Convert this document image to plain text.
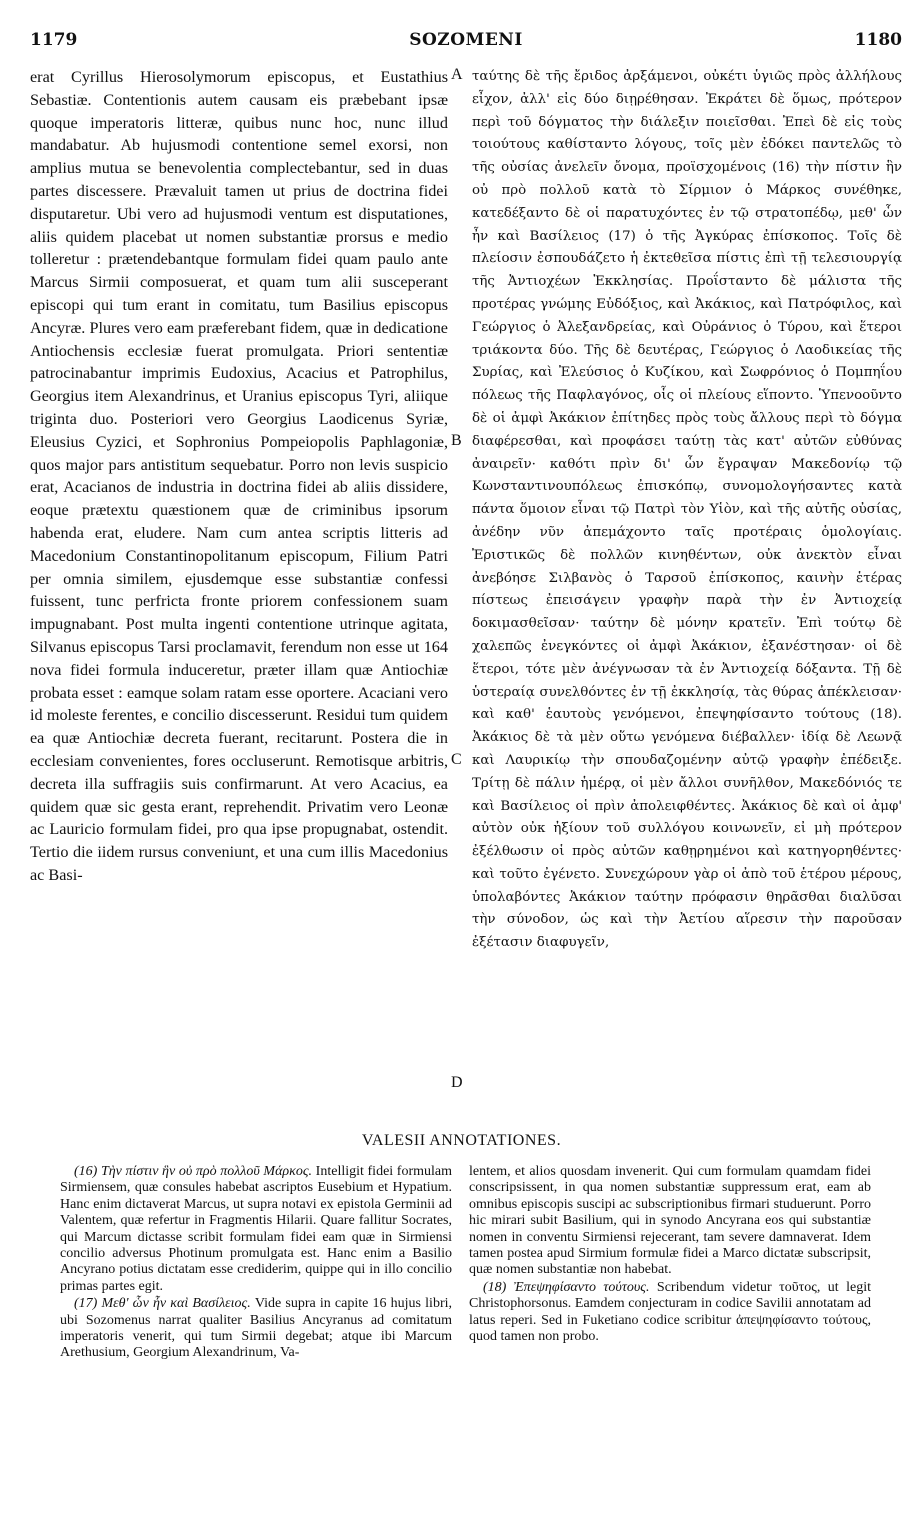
1179	SOZOMENI	1180

erat Cyrillus Hierosolymorum episcopus, et Eustathius Sebastiæ. Contentionis autem causam eis præbebant ipsæ quoque imperatoris litteræ, quibus nunc hoc, nunc illud mandabatur. Ab hujusmodi contentione semel exorsi, non amplius mutua se benevolentia complectebantur, sed in duas partes discessere. Prævaluit tamen ut prius de doctrina fidei disputaretur. Ubi vero ad hujusmodi ventum est disputationes, aliis quidem placebat ut nomen substantiæ prorsus e medio tolleretur : prætendebantque formulam fidei quam paulo ante Marcus Sirmii composuerat, et quam tum alii susceperant episcopi qui tum erant in comitatu, tum Basilius episcopus Ancyræ. Plures vero eam præferebant fidem, quæ in dedicatione Antiochensis ecclesiæ fuerat promulgata. Priori sententiæ patrocinabantur imprimis Eudoxius, Acacius et Patrophilus, Georgius item Alexandrinus, et Uranius episcopus Tyri, aliique triginta duo. Posteriori vero Georgius Laodicenus Syriæ, Eleusius Cyzici, et Sophronius Pompeiopolis Paphlagoniæ, quos major pars antistitum sequebatur. Porro non levis suspicio erat, Acacianos de industria in doctrina fidei ab aliis dissidere, eoque prætextu quæstionem quæ de criminibus ipsorum habenda erat, eludere. Nam cum antea scriptis litteris ad Macedonium Constantinopolitanum episcopum, Filium Patri per omnia similem, ejusdemque esse substantiæ confessi fuissent, tunc perfricta fronte priorem confessionem suam impugnabant. Post multa ingenti contentione utrinque agitata, Silvanus episcopus Tarsi proclamavit, ferendum non esse ut 164 nova fidei formula induceretur, præter illam quæ Antiochiæ probata esset : eamque solam ratam esse oportere. Acaciani vero id moleste ferentes, e concilio discesserunt. Residui tum quidem ea quæ Antiochiæ decreta fuerant, recitarunt. Postera die in ecclesiam convenientes, fores occluserunt. Remotisque arbitris, decreta illa suffragiis suis confirmarunt. At vero Acacius, ea quidem quæ sic gesta erant, reprehendit. Privatim vero Leonæ ac Lauricio formulam fidei, pro qua ipse propugnabat, ostendit. Tertio die iidem rursus conveniunt, et una cum illis Macedonius ac Basi-

A
B
C
D

ταύτης δὲ τῆς ἔριδος ἀρξάμενοι, οὐκέτι ὑγιῶς πρὸς ἀλλήλους εἶχον, ἀλλ' εἰς δύο διῃρέθησαν. Ἐκράτει δὲ ὅμως, πρότερον περὶ τοῦ δόγματος τὴν διάλεξιν ποιεῖσθαι. Ἐπεὶ δὲ εἰς τοὺς τοιούτους καθίσταντο λόγους, τοῖς μὲν ἐδόκει παντελῶς τὸ τῆς οὐσίας ἀνελεῖν ὄνομα, προϊσχομένοις (16) τὴν πίστιν ἣν οὐ πρὸ πολλοῦ κατὰ τὸ Σίρμιον ὁ Μάρκος συνέθηκε, κατεδέξαντο δὲ οἱ παρατυχόντες ἐν τῷ στρατοπέδῳ, μεθ' ὧν ἦν καὶ Βασίλειος (17) ὁ τῆς Ἀγκύρας ἐπίσκοπος. Τοῖς δὲ πλείοσιν ἐσπουδάζετο ἡ ἐκτεθεῖσα πίστις ἐπὶ τῇ τελεσιουργίᾳ τῆς Ἀντιοχέων Ἐκκλησίας. Προΐσταντο δὲ μάλιστα τῆς προτέρας γνώμης Εὐδόξιος, καὶ Ἀκάκιος, καὶ Πατρόφιλος, καὶ Γεώργιος ὁ Ἀλεξανδρείας, καὶ Οὐράνιος ὁ Τύρου, καὶ ἕτεροι τριάκοντα δύο. Τῆς δὲ δευτέρας, Γεώργιος ὁ Λαοδικείας τῆς Συρίας, καὶ Ἐλεύσιος ὁ Κυζίκου, καὶ Σωφρόνιος ὁ Πομπηΐου πόλεως τῆς Παφλαγόνος, οἷς οἱ πλείους εἵποντο. Ὑπενοοῦντο δὲ οἱ ἀμφὶ Ἀκάκιον ἐπίτηδες πρὸς τοὺς ἄλλους περὶ τὸ δόγμα διαφέρεσθαι, καὶ προφάσει ταύτῃ τὰς κατ' αὐτῶν εὐθύνας ἀναιρεῖν· καθότι πρὶν δι' ὧν ἔγραψαν Μακεδονίῳ τῷ Κωνσταντινουπόλεως ἐπισκόπῳ, συνομολογήσαντες κατὰ πάντα ὅμοιον εἶναι τῷ Πατρὶ τὸν Υἱὸν, καὶ τῆς αὐτῆς οὐσίας, ἀνέδην νῦν ἀπεμάχοντο ταῖς προτέραις ὁμολογίαις. Ἐριστικῶς δὲ πολλῶν κινηθέντων, οὐκ ἀνεκτὸν εἶναι ἀνεβόησε Σιλβανὸς ὁ Ταρσοῦ ἐπίσκοπος, καινὴν ἑτέρας πίστεως ἐπεισάγειν γραφὴν παρὰ τὴν ἐν Ἀντιοχείᾳ δοκιμασθεῖσαν· ταύτην δὲ μόνην κρατεῖν. Ἐπὶ τούτῳ δὲ χαλεπῶς ἐνεγκόντες οἱ ἀμφὶ Ἀκάκιον, ἐξανέστησαν· οἱ δὲ ἕτεροι, τότε μὲν ἀνέγνωσαν τὰ ἐν Ἀντιοχείᾳ δόξαντα. Τῇ δὲ ὑστεραίᾳ συνελθόντες ἐν τῇ ἐκκλησίᾳ, τὰς θύρας ἀπέκλεισαν· καὶ καθ' ἑαυτοὺς γενόμενοι, ἐπεψηφίσαντο τούτους (18). Ἀκάκιος δὲ τὰ μὲν οὕτω γενόμενα διέβαλλεν· ἰδίᾳ δὲ Λεωνᾷ καὶ Λαυρικίῳ τὴν σπουδαζομένην αὐτῷ γραφὴν ἐπέδειξε. Τρίτῃ δὲ πάλιν ἡμέρᾳ, οἱ μὲν ἄλλοι συνῆλθον, Μακεδόνιός τε καὶ Βασίλειος οἱ πρὶν ἀπολειφθέντες. Ἀκάκιος δὲ καὶ οἱ ἀμφ' αὐτὸν οὐκ ἠξίουν τοῦ συλλόγου κοινωνεῖν, εἰ μὴ πρότερον ἐξέλθωσιν οἱ πρὸς αὐτῶν καθῃρημένοι καὶ κατηγορηθέντες· καὶ τοῦτο ἐγένετο. Συνεχώρουν γὰρ οἱ ἀπὸ τοῦ ἑτέρου μέρους, ὑπολαβόντες Ἀκάκιον ταύτην πρόφασιν θηρᾶσθαι διαλῦσαι τὴν σύνοδον, ὡς καὶ τὴν Ἀετίου αἵρεσιν τὴν παροῦσαν ἐξέτασιν διαφυγεῖν,

VALESII ANNOTATIONES.

(16) Τὴν πίστιν ἣν οὐ πρὸ πολλοῦ Μάρκος. Intelligit fidei formulam Sirmiensem, quæ consules habebat ascriptos Eusebium et Hypatium. Hanc enim dictaverat Marcus, ut supra notavi ex epistola Germinii ad Valentem, quæ refertur in Fragmentis Hilarii. Quare fallitur Socrates, qui Marcum dictasse scribit formulam fidei eam quæ in Sirmiensi concilio adversus Photinum promulgata est. Hanc enim a Basilio Ancyrano potius dictatam esse crediderim, quippe qui in illo concilio primas partes egit.

(17) Μεθ' ὧν ἦν καὶ Βασίλειος. Vide supra in capite 16 hujus libri, ubi Sozomenus narrat qualiter Basilius Ancyranus ad comitatum imperatoris venerit, qui tum Sirmii degebat; atque ibi Marcum Arethusium, Georgium Alexandrinum, Va-

lentem, et alios quosdam invenerit. Qui cum formulam quamdam fidei conscripsissent, in qua nomen substantiæ suppressum erat, eam ab omnibus episcopis suscipi ac subscriptionibus firmari studuerunt. Porro hic mirari subit Basilium, qui in synodo Ancyrana eos qui substantiæ nomen in conventu Sirmiensi rejecerant, tam severe damnaverat. Idem tamen postea apud Sirmium formulæ fidei a Marco dictatæ subscripsit, quæ nomen substantiæ non habebat.

(18) Ἐπεψηφίσαντο τούτους. Scribendum videtur τοῦτος, ut legit Christophorsonus. Eamdem conjecturam in codice Savilii annotatam ad latus reperi. Sed in Fuketiano codice scribitur ἀπεψηφίσαντο τούτους, quod tamen non probo.
